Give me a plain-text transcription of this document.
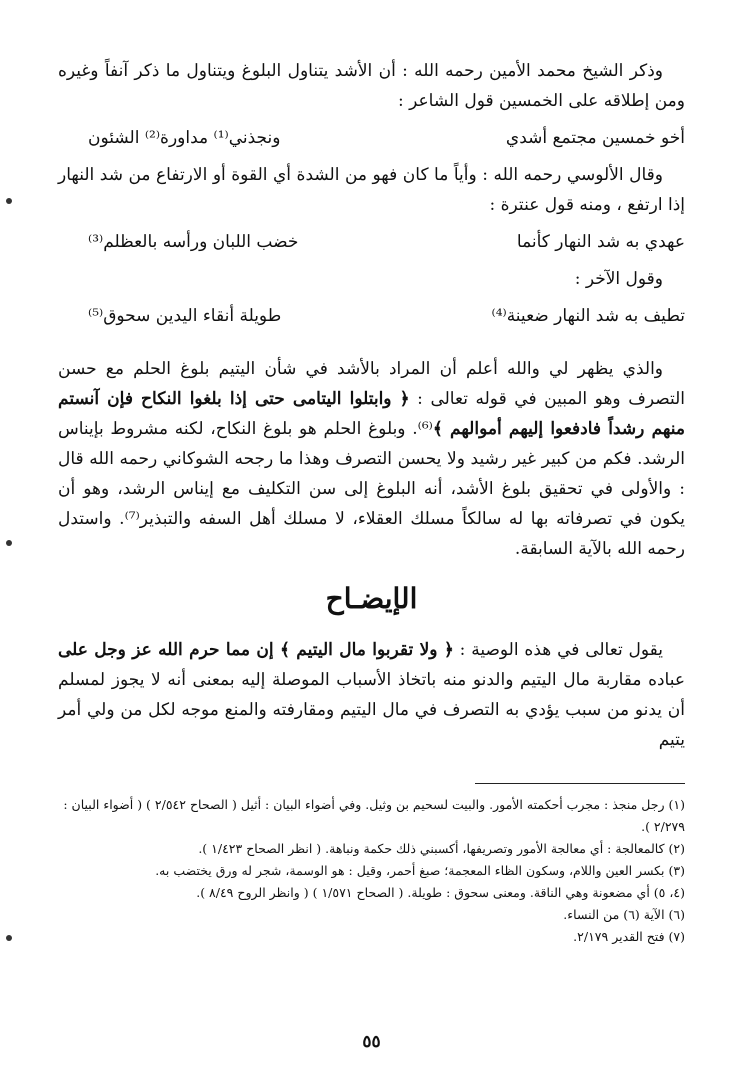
وذكر الشيخ محمد الأمين رحمه الله : أن الأشد يتناول البلوغ ويتناول ما ذكر آنفاً وغيره ومن إطلاقه على الخمسين قول الشاعر :

أخو خمسين مجتمع أشدي
ونجذني⁽¹⁾ مداورة⁽²⁾ الشئون

وقال الألوسي رحمه الله : وأياً ما كان فهو من الشدة أي القوة أو الارتفاع من شد النهار إذا ارتفع ، ومنه قول عنترة :

عهدي به شد النهار كأنما
خضب اللبان ورأسه بالعظلم⁽³⁾

وقول الآخر :

تطيف به شد النهار ضعينة⁽⁴⁾
طويلة أنقاء اليدين سحوق⁽⁵⁾

والذي يظهر لي والله أعلم أن المراد بالأشد في شأن اليتيم بلوغ الحلم مع حسن التصرف وهو المبين في قوله تعالى : ﴿ وابتلوا اليتامى حتى إذا بلغوا النكاح فإن آنستم منهم رشداً فادفعوا إليهم أموالهم ﴾⁽⁶⁾. وبلوغ الحلم هو بلوغ النكاح، لكنه مشروط بإيناس الرشد. فكم من كبير غير رشيد ولا يحسن التصرف وهذا ما رجحه الشوكاني رحمه الله قال : والأولى في تحقيق بلوغ الأشد، أنه البلوغ إلى سن التكليف مع إيناس الرشد، وهو أن يكون في تصرفاته بها له سالكاً مسلك العقلاء، لا مسلك أهل السفه والتبذير⁽⁷⁾. واستدل رحمه الله بالآية السابقة.

الإيضـاح

يقول تعالى في هذه الوصية : ﴿ ولا تقربوا مال اليتيم ﴾ إن مما حرم الله عز وجل على عباده مقاربة مال اليتيم والدنو منه باتخاذ الأسباب الموصلة إليه بمعنى أنه لا يجوز لمسلم أن يدنو من سبب يؤدي به التصرف في مال اليتيم ومقارفته والمنع موجه لكل من ولي أمر يتيم

(١) رجل منجذ : مجرب أحكمته الأمور. والبيت لسحيم بن وثيل. وفي أضواء البيان : أثيل ( الصحاح ٢/٥٤٢ ) ( أضواء البيان : ٢/٢٧٩ ).

(٢) كالمعالجة : أي معالجة الأمور وتصريفها، أكسبني ذلك حكمة ونباهة. ( انظر الصحاح ١/٤٢٣ ).

(٣) بكسر العين واللام، وسكون الظاء المعجمة؛ صبغ أحمر، وقيل : هو الوسمة، شجر له ورق يختضب به.

(٤، ٥) أي مضعونة وهي الناقة. ومعنى سحوق : طويلة. ( الصحاح ١/٥٧١ ) ( وانظر الروح ٨/٤٩ ).

(٦) الآية (٦) من النساء.

(٧) فتح القدير ٢/١٧٩.

٥٥
